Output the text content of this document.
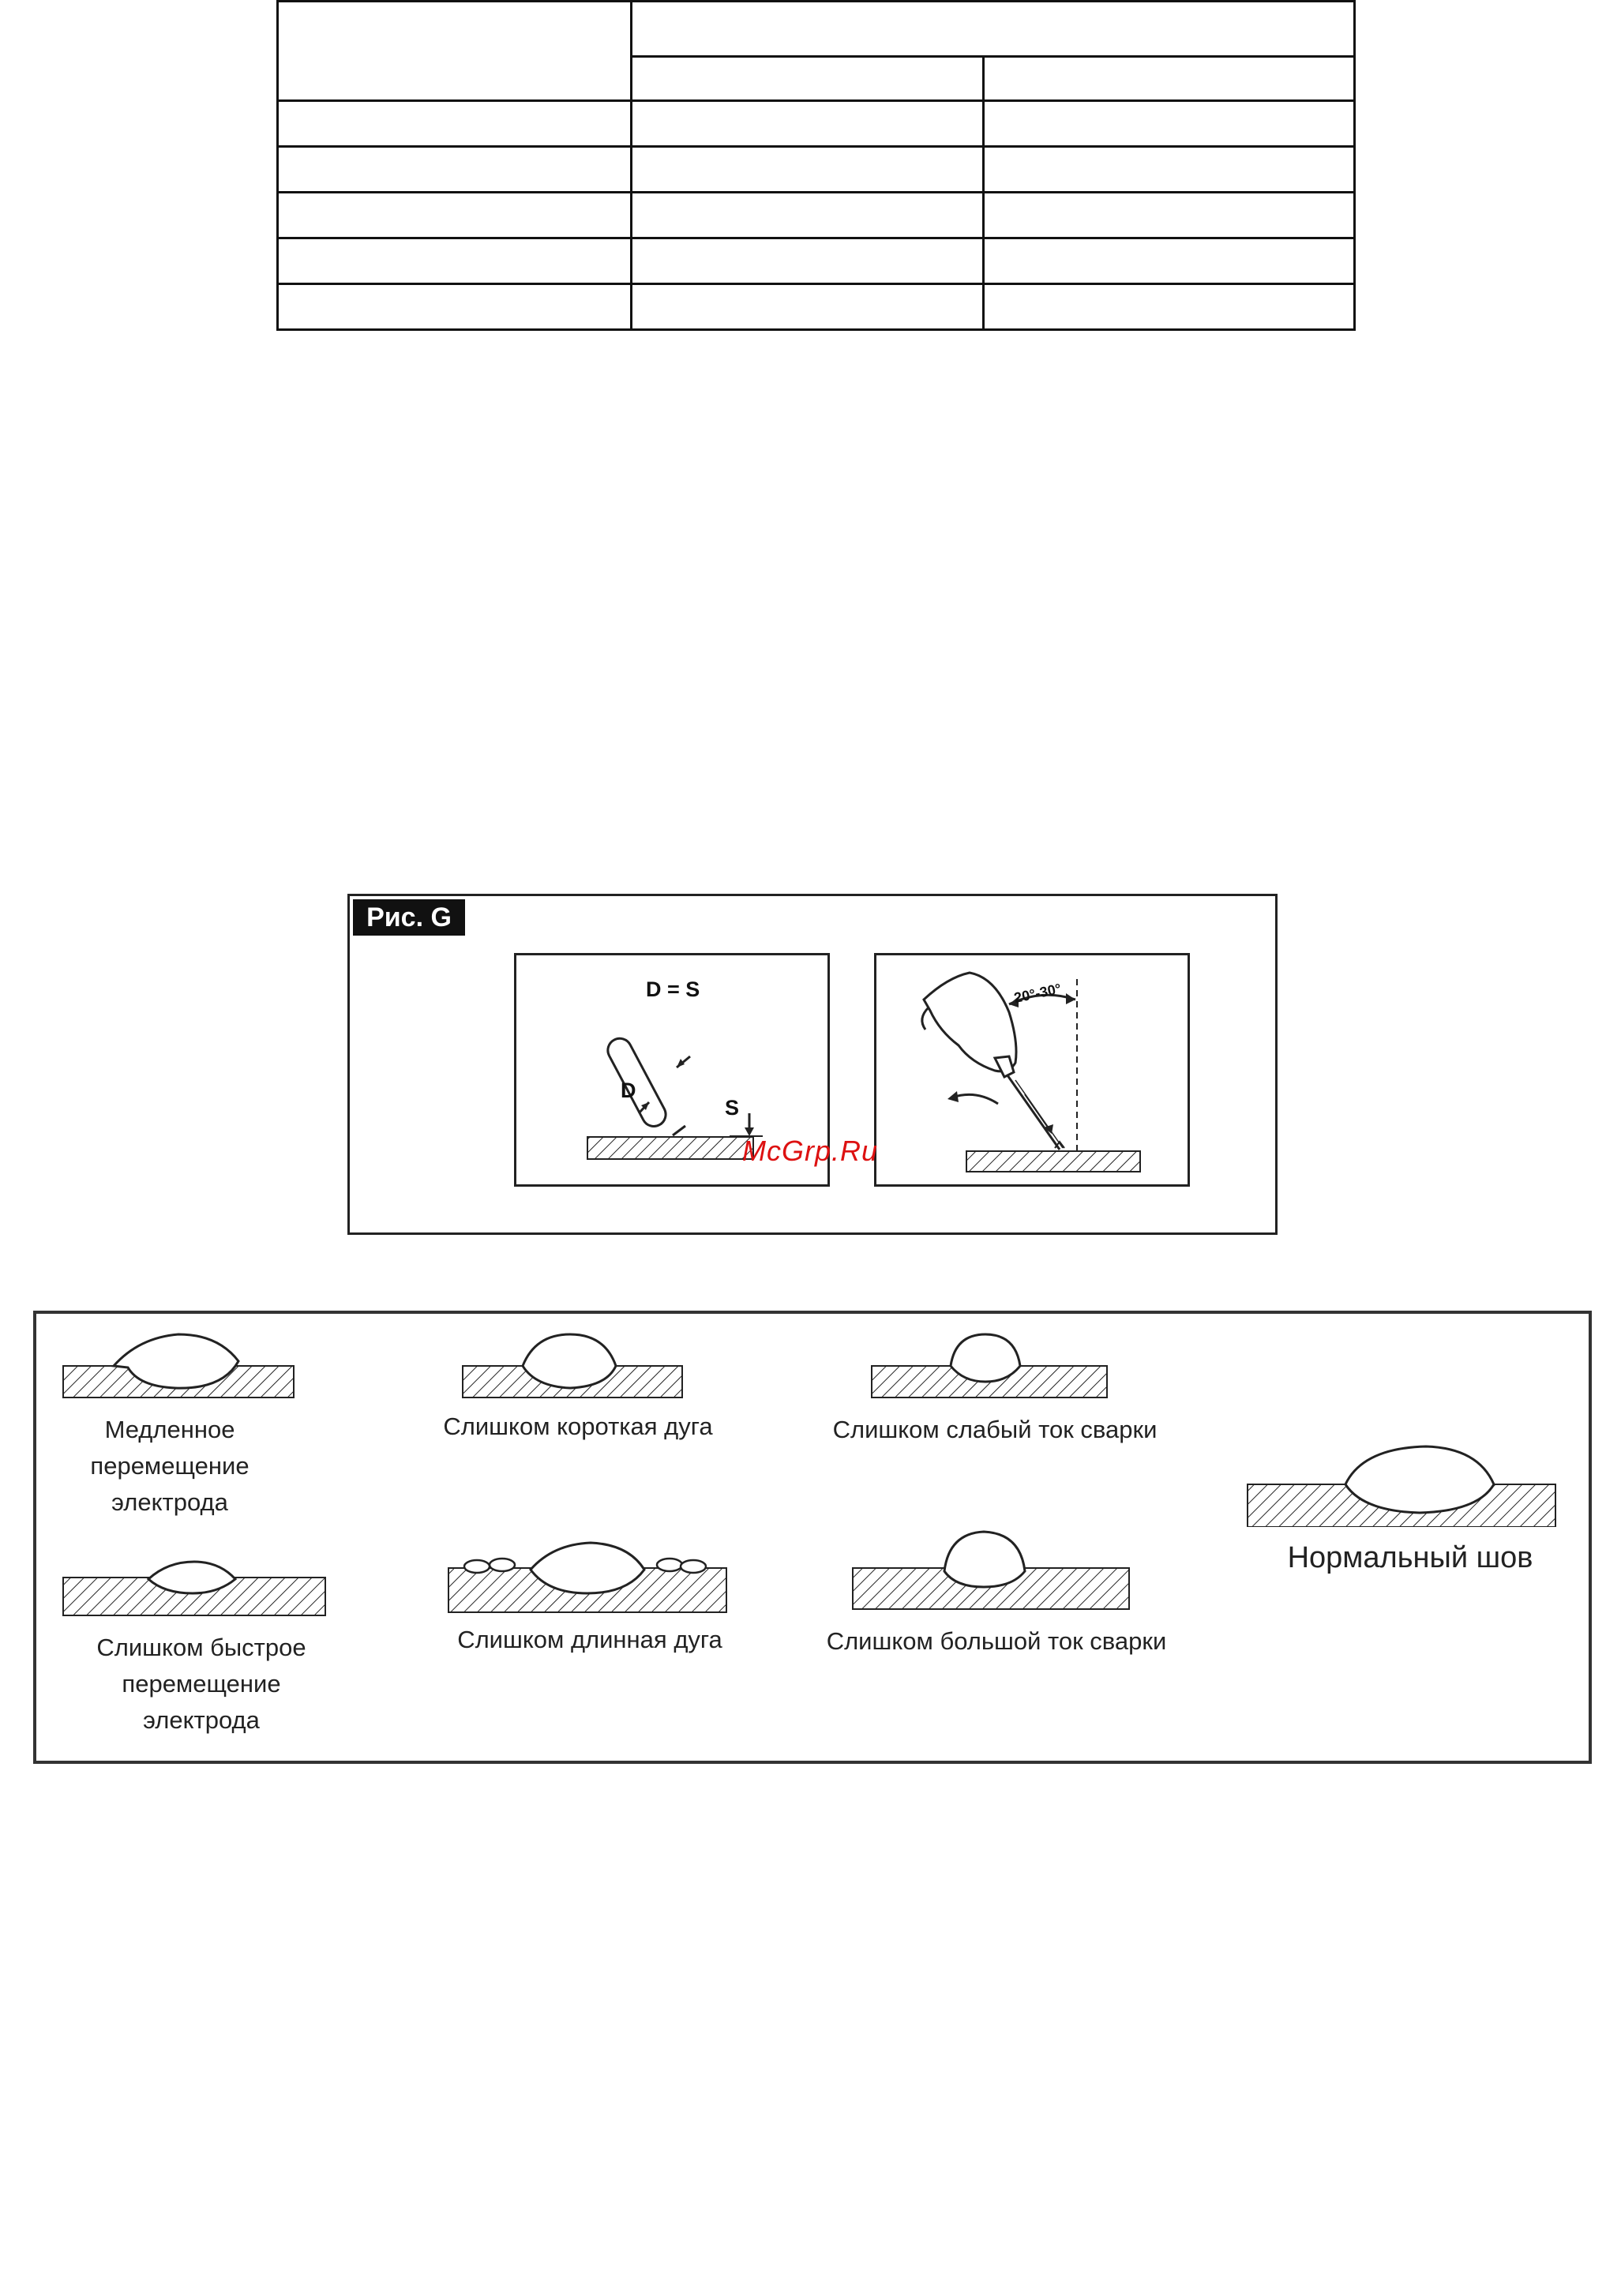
Рис. G
D = S
D
S
20°-30°
McGrp.Ru
Медленное перемещение электрода
Слишком короткая дуга	Слишком слабый ток сварки
Нормальный шов
Слишком быстрое перемещение электрода
Слишком длинная дуга	Слишком большой ток сварки
